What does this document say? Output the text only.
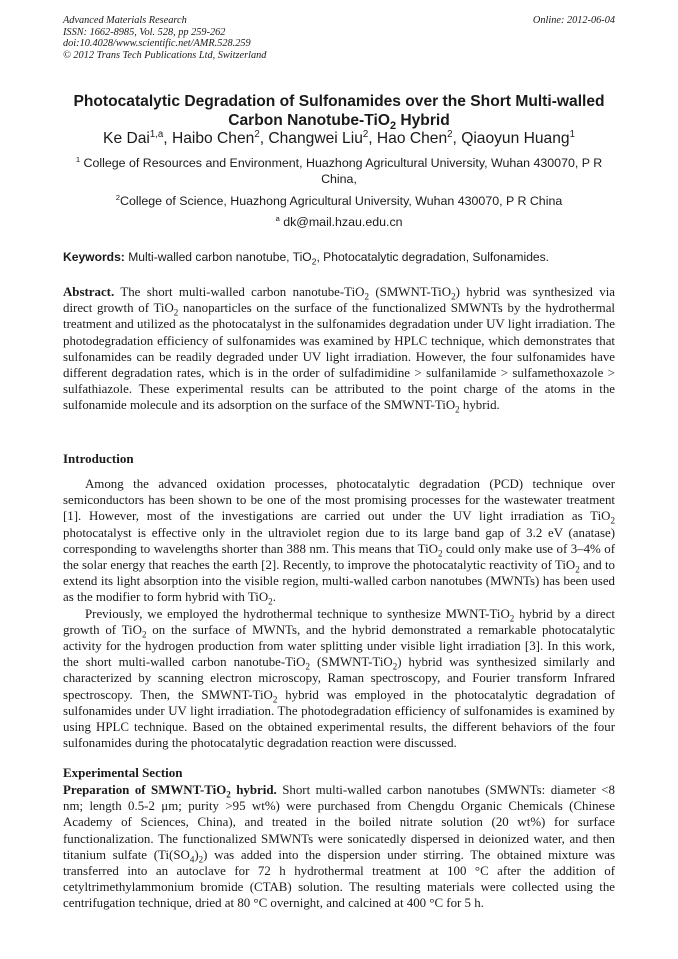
Advanced Materials Research
ISSN: 1662-8985, Vol. 528, pp 259-262
doi:10.4028/www.scientific.net/AMR.528.259
© 2012 Trans Tech Publications Ltd, Switzerland
Online: 2012-06-04
Photocatalytic Degradation of Sulfonamides over the Short Multi-walled
Carbon Nanotube-TiO$_2$ Hybrid
Ke Dai$^{1,a}$, Haibo Chen$^2$, Changwei Liu$^2$, Hao Chen$^2$, Qiaoyun Huang$^1$
$^1$ College of Resources and Environment, Huazhong Agricultural University, Wuhan 430070, P R
China,
$^2$College of Science, Huazhong Agricultural University, Wuhan 430070, P R China
$^a$ dk@mail.hzau.edu.cn
Keywords: Multi-walled carbon nanotube, TiO$_2$, Photocatalytic degradation, Sulfonamides.

Abstract. The short multi-walled carbon nanotube-TiO$_2$ (SMWNT-TiO$_2$) hybrid was synthesized via direct growth of TiO$_2$ nanoparticles on the surface of the functionalized SMWNTs by the hydrothermal treatment and utilized as the photocatalyst in the sulfonamides degradation under UV light irradiation. The photodegradation efficiency of sulfonamides was examined by HPLC technique, which demonstrates that sulfonamides can be readily degraded under UV light irradiation. However, the four sulfonamides have different degradation rates, which is in the order of sulfadimidine > sulfanilamide > sulfamethoxazole > sulfathiazole. These experimental results can be attributed to the point charge of the atoms in the sulfonamide molecule and its adsorption on the surface of the SMWNT-TiO$_2$ hybrid.

Introduction

Among the advanced oxidation processes, photocatalytic degradation (PCD) technique over semiconductors has been shown to be one of the most promising processes for the wastewater treatment [1]. However, most of the investigations are carried out under the UV light irradiation as TiO$_2$ photocatalyst is effective only in the ultraviolet region due to its large band gap of 3.2 eV (anatase) corresponding to wavelengths shorter than 388 nm. This means that TiO$_2$ could only make use of 3–4% of the solar energy that reaches the earth [2]. Recently, to improve the photocatalytic reactivity of TiO$_2$ and to extend its light absorption into the visible region, multi-walled carbon nanotubes (MWNTs) has been used as the modifier to form hybrid with TiO$_2$.

Previously, we employed the hydrothermal technique to synthesize MWNT-TiO$_2$ hybrid by a direct growth of TiO$_2$ on the surface of MWNTs, and the hybrid demonstrated a remarkable photocatalytic activity for the hydrogen production from water splitting under visible light irradiation [3]. In this work, the short multi-walled carbon nanotube-TiO$_2$ (SMWNT-TiO$_2$) hybrid was synthesized similarly and characterized by scanning electron microscopy, Raman spectroscopy, and Fourier transform Infrared spectroscopy. Then, the SMWNT-TiO$_2$ hybrid was employed in the photocatalytic degradation of sulfonamides under UV light irradiation. The photodegradation efficiency of sulfonamides is examined by using HPLC technique. Based on the obtained experimental results, the different behaviors of the four sulfonamides during the photocatalytic degradation reaction were discussed.

Experimental Section

Preparation of SMWNT-TiO$_2$ hybrid. Short multi-walled carbon nanotubes (SMWNTs: diameter <8 nm; length 0.5-2 μm; purity >95 wt%) were purchased from Chengdu Organic Chemicals (Chinese Academy of Sciences, China), and treated in the boiled nitrate solution (20 wt%) for surface functionalization. The functionalized SMWNTs were sonicatedly dispersed in deionized water, and then titanium sulfate $(Ti(SO_4)_2)$ was added into the dispersion under stirring. The obtained mixture was transferred into an autoclave for 72 h hydrothermal treatment at 100 °C after the addition of cetyltrimethylammonium bromide (CTAB) solution. The resulting materials were collected using the centrifugation technique, dried at 80 °C overnight, and calcined at 400 °C for 5 h.
